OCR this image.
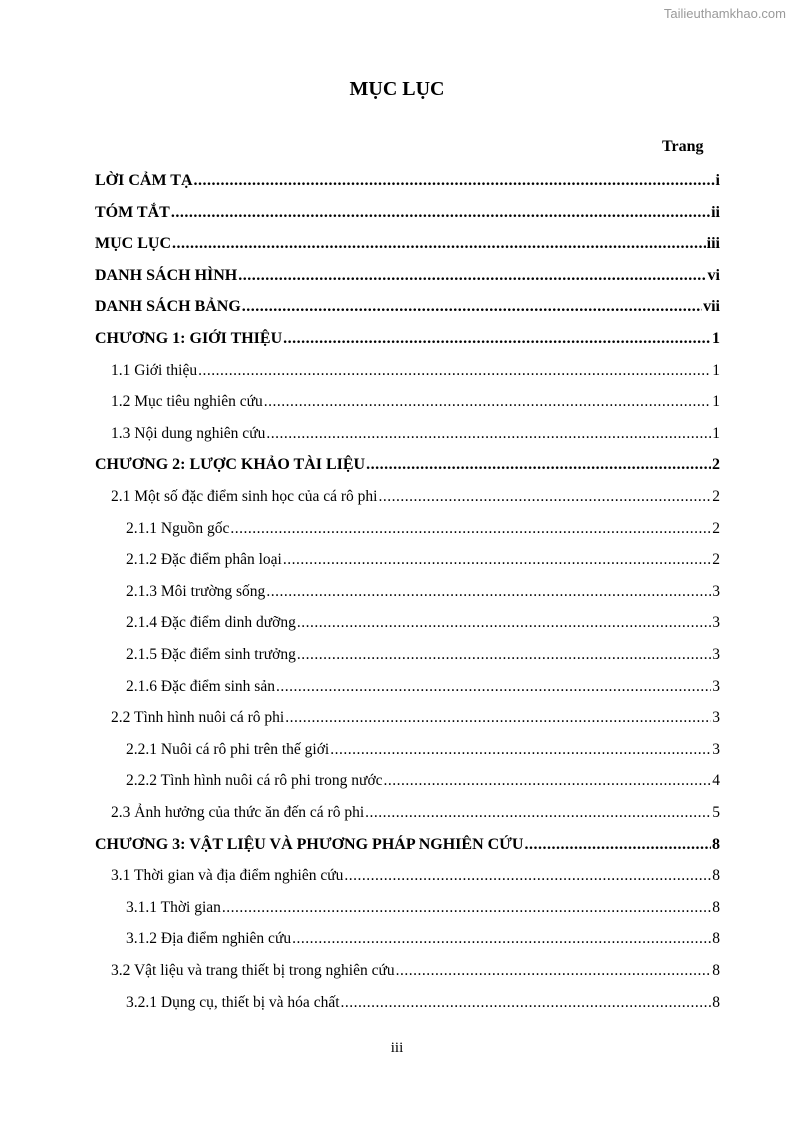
Tailieuthamkhao.com
MỤC LỤC
Trang
LỜI CẢM TẠ .....	i
TÓM TẮT .....	ii
MỤC LỤC .....	iii
DANH SÁCH HÌNH .....	vi
DANH SÁCH BẢNG .....	vii
CHƯƠNG 1: GIỚI THIỆU .....	1
1.1 Giới thiệu .....	1
1.2 Mục tiêu nghiên cứu .....	1
1.3 Nội dung nghiên cứu .....	1
CHƯƠNG 2: LƯỢC KHẢO TÀI LIỆU .....	2
2.1 Một số đặc điểm sinh học của cá rô phi .....	2
2.1.1 Nguồn gốc .....	2
2.1.2 Đặc điểm phân loại .....	2
2.1.3 Môi trường sống .....	3
2.1.4 Đặc điểm dinh dưỡng .....	3
2.1.5 Đặc điểm sinh trưởng .....	3
2.1.6 Đặc điểm sinh sản .....	3
2.2 Tình hình nuôi cá rô phi .....	3
2.2.1 Nuôi cá rô phi trên thế giới .....	3
2.2.2 Tình hình nuôi cá rô phi trong nước .....	4
2.3 Ảnh hưởng của thức ăn đến cá rô phi .....	5
CHƯƠNG 3: VẬT LIỆU VÀ PHƯƠNG PHÁP NGHIÊN CỨU .....	8
3.1 Thời gian và địa điểm nghiên cứu .....	8
3.1.1 Thời gian .....	8
3.1.2 Địa điểm nghiên cứu .....	8
3.2 Vật liệu và trang thiết bị trong nghiên cứu .....	8
3.2.1 Dụng cụ, thiết bị và hóa chất .....	8
iii
